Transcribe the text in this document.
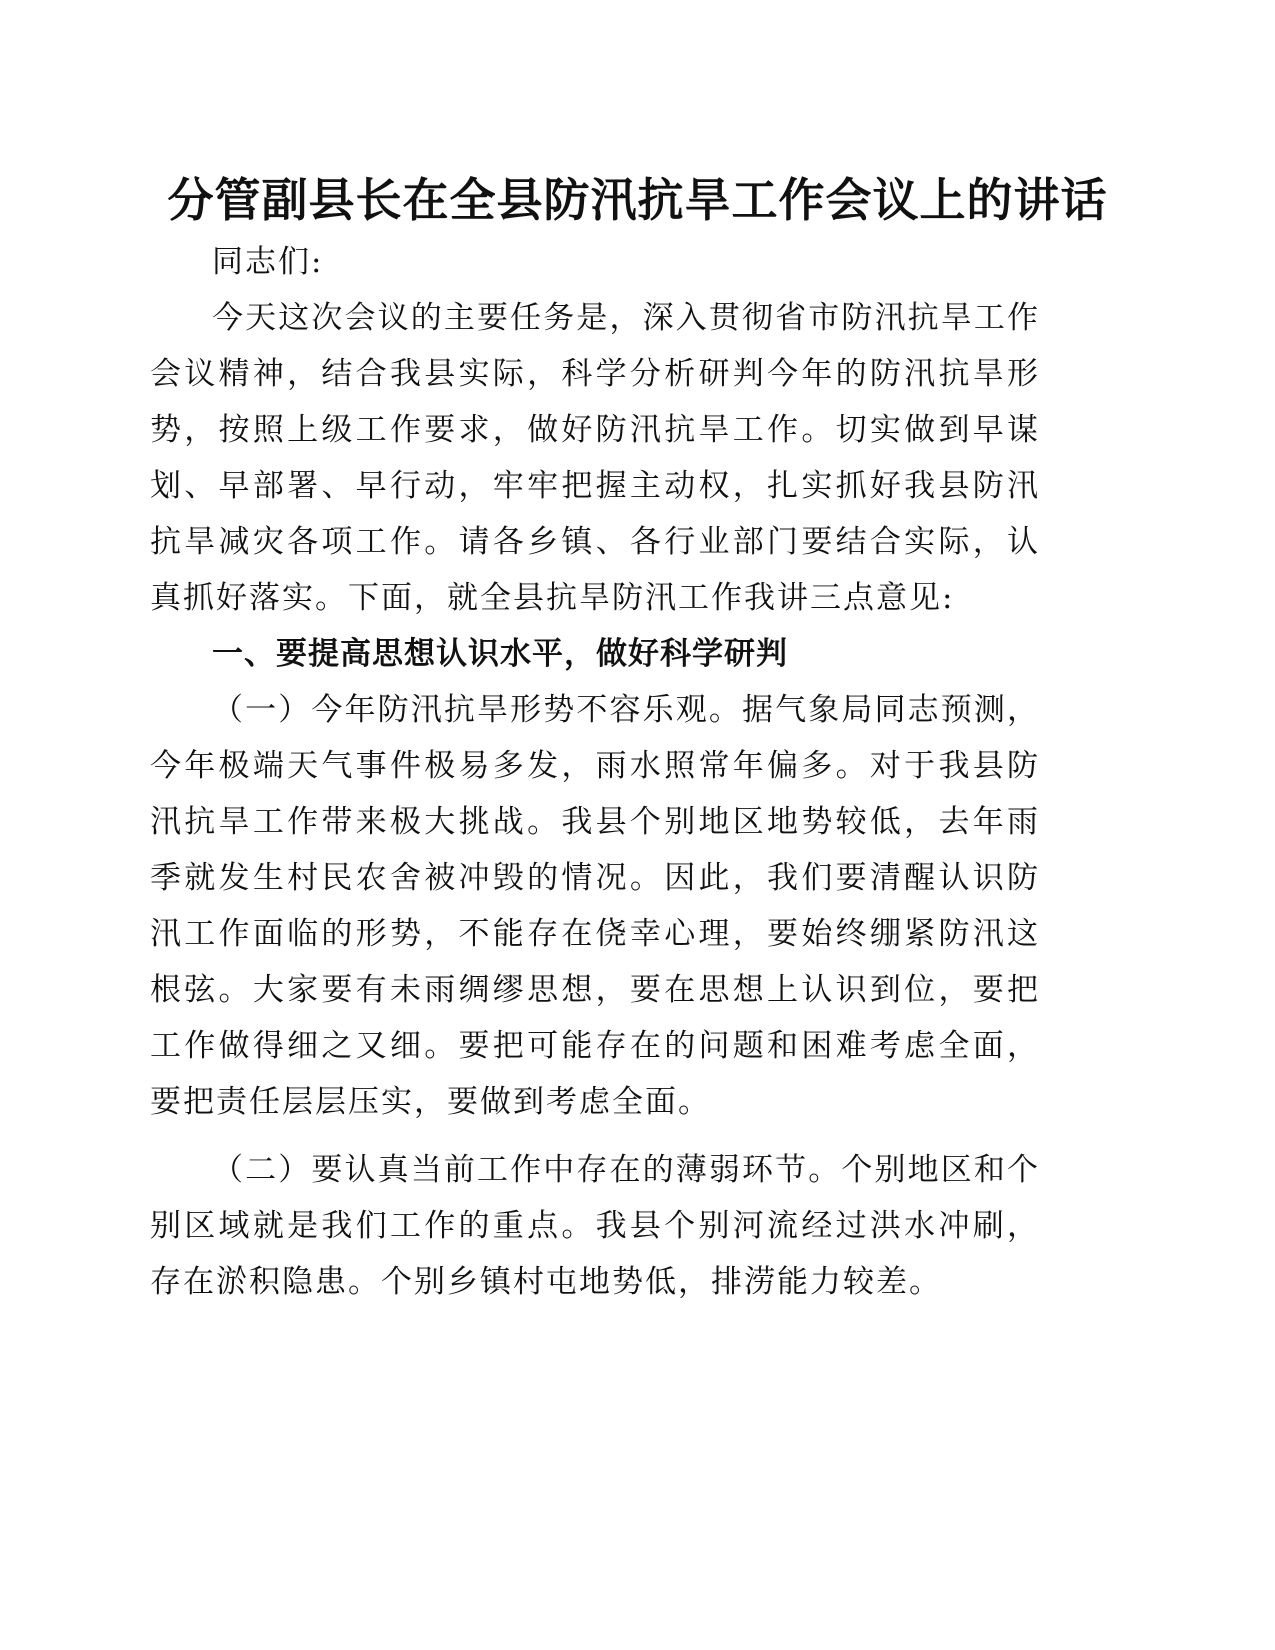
分管副县长在全县防汛抗旱工作会议上的讲话

同志们:

今天这次会议的主要任务是，深入贯彻省市防汛抗旱工作会议精神，结合我县实际，科学分析研判今年的防汛抗旱形势，按照上级工作要求，做好防汛抗旱工作。切实做到早谋划、早部署、早行动，牢牢把握主动权，扎实抓好我县防汛抗旱减灾各项工作。请各乡镇、各行业部门要结合实际，认真抓好落实。下面，就全县抗旱防汛工作我讲三点意见:

一、要提高思想认识水平，做好科学研判

（一）今年防汛抗旱形势不容乐观。据气象局同志预测，今年极端天气事件极易多发，雨水照常年偏多。对于我县防汛抗旱工作带来极大挑战。我县个别地区地势较低，去年雨季就发生村民农舍被冲毁的情况。因此，我们要清醒认识防汛工作面临的形势，不能存在侥幸心理，要始终绷紧防汛这根弦。大家要有未雨绸缪思想，要在思想上认识到位，要把工作做得细之又细。要把可能存在的问题和困难考虑全面，要把责任层层压实，要做到考虑全面。

（二）要认真当前工作中存在的薄弱环节。个别地区和个别区域就是我们工作的重点。我县个别河流经过洪水冲刷，存在淤积隐患。个别乡镇村屯地势低，排涝能力较差。
